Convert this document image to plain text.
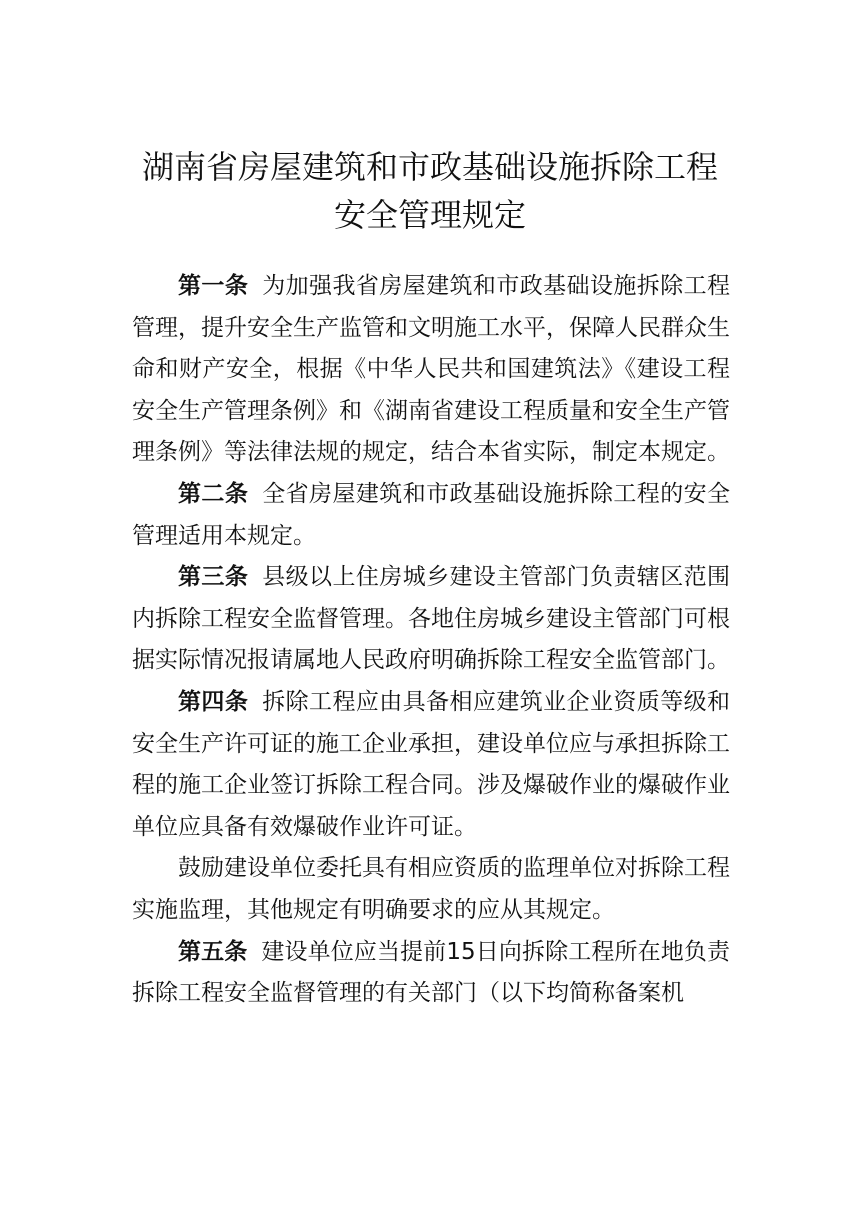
湖南省房屋建筑和市政基础设施拆除工程
安全管理规定

第一条 为加强我省房屋建筑和市政基础设施拆除工程管理，提升安全生产监管和文明施工水平，保障人民群众生命和财产安全，根据《中华人民共和国建筑法》《建设工程安全生产管理条例》和《湖南省建设工程质量和安全生产管理条例》等法律法规的规定，结合本省实际，制定本规定。

第二条 全省房屋建筑和市政基础设施拆除工程的安全管理适用本规定。

第三条 县级以上住房城乡建设主管部门负责辖区范围内拆除工程安全监督管理。各地住房城乡建设主管部门可根据实际情况报请属地人民政府明确拆除工程安全监管部门。

第四条 拆除工程应由具备相应建筑业企业资质等级和安全生产许可证的施工企业承担，建设单位应与承担拆除工程的施工企业签订拆除工程合同。涉及爆破作业的爆破作业单位应具备有效爆破作业许可证。

鼓励建设单位委托具有相应资质的监理单位对拆除工程实施监理，其他规定有明确要求的应从其规定。

第五条 建设单位应当提前15日向拆除工程所在地负责拆除工程安全监督管理的有关部门（以下均简称备案机
